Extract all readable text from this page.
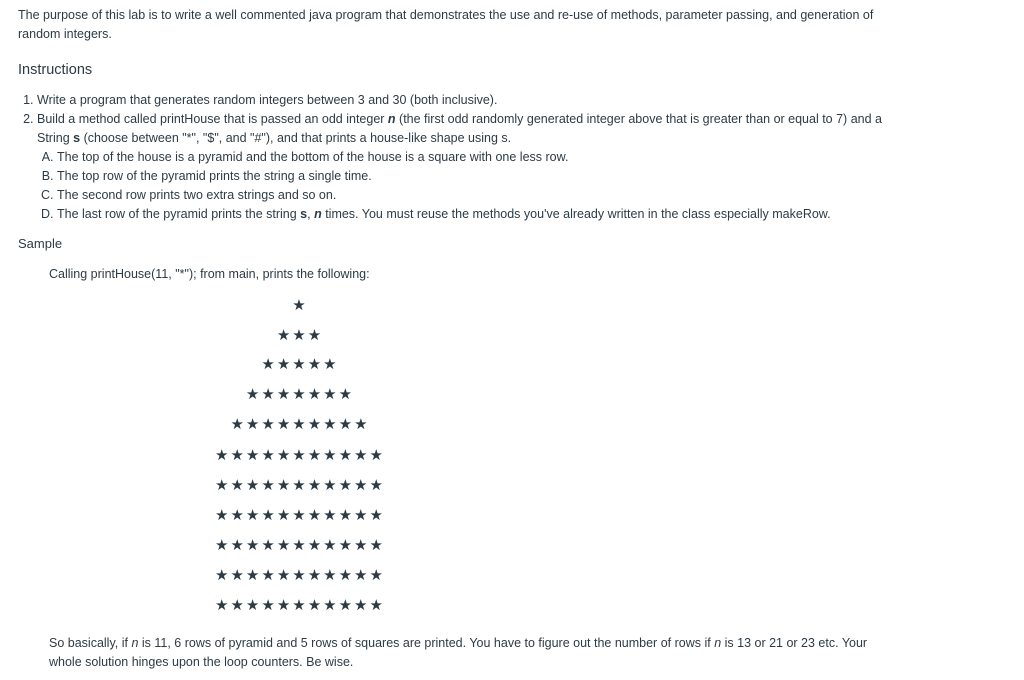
The purpose of this lab is to write a well commented java program that demonstrates the use and re-use of methods, parameter passing, and generation of random integers.
Instructions
1. Write a program that generates random integers between 3 and 30 (both inclusive).
2. Build a method called printHouse that is passed an odd integer n (the first odd randomly generated integer above that is greater than or equal to 7) and a String s (choose between "*", "$", and "#"), and that prints a house-like shape using s.
A. The top of the house is a pyramid and the bottom of the house is a square with one less row.
B. The top row of the pyramid prints the string a single time.
C. The second row prints two extra strings and so on.
D. The last row of the pyramid prints the string s, n times. You must reuse the methods you've already written in the class especially makeRow.
Sample
Calling printHouse(11, "*"); from main, prints the following:
★
★★★
★★★★★
★★★★★★★
★★★★★★★★★
★★★★★★★★★★★
★★★★★★★★★★★
★★★★★★★★★★★
★★★★★★★★★★★
★★★★★★★★★★★
★★★★★★★★★★★
So basically, if n is 11, 6 rows of pyramid and 5 rows of squares are printed. You have to figure out the number of rows if n is 13 or 21 or 23 etc. Your whole solution hinges upon the loop counters. Be wise.
